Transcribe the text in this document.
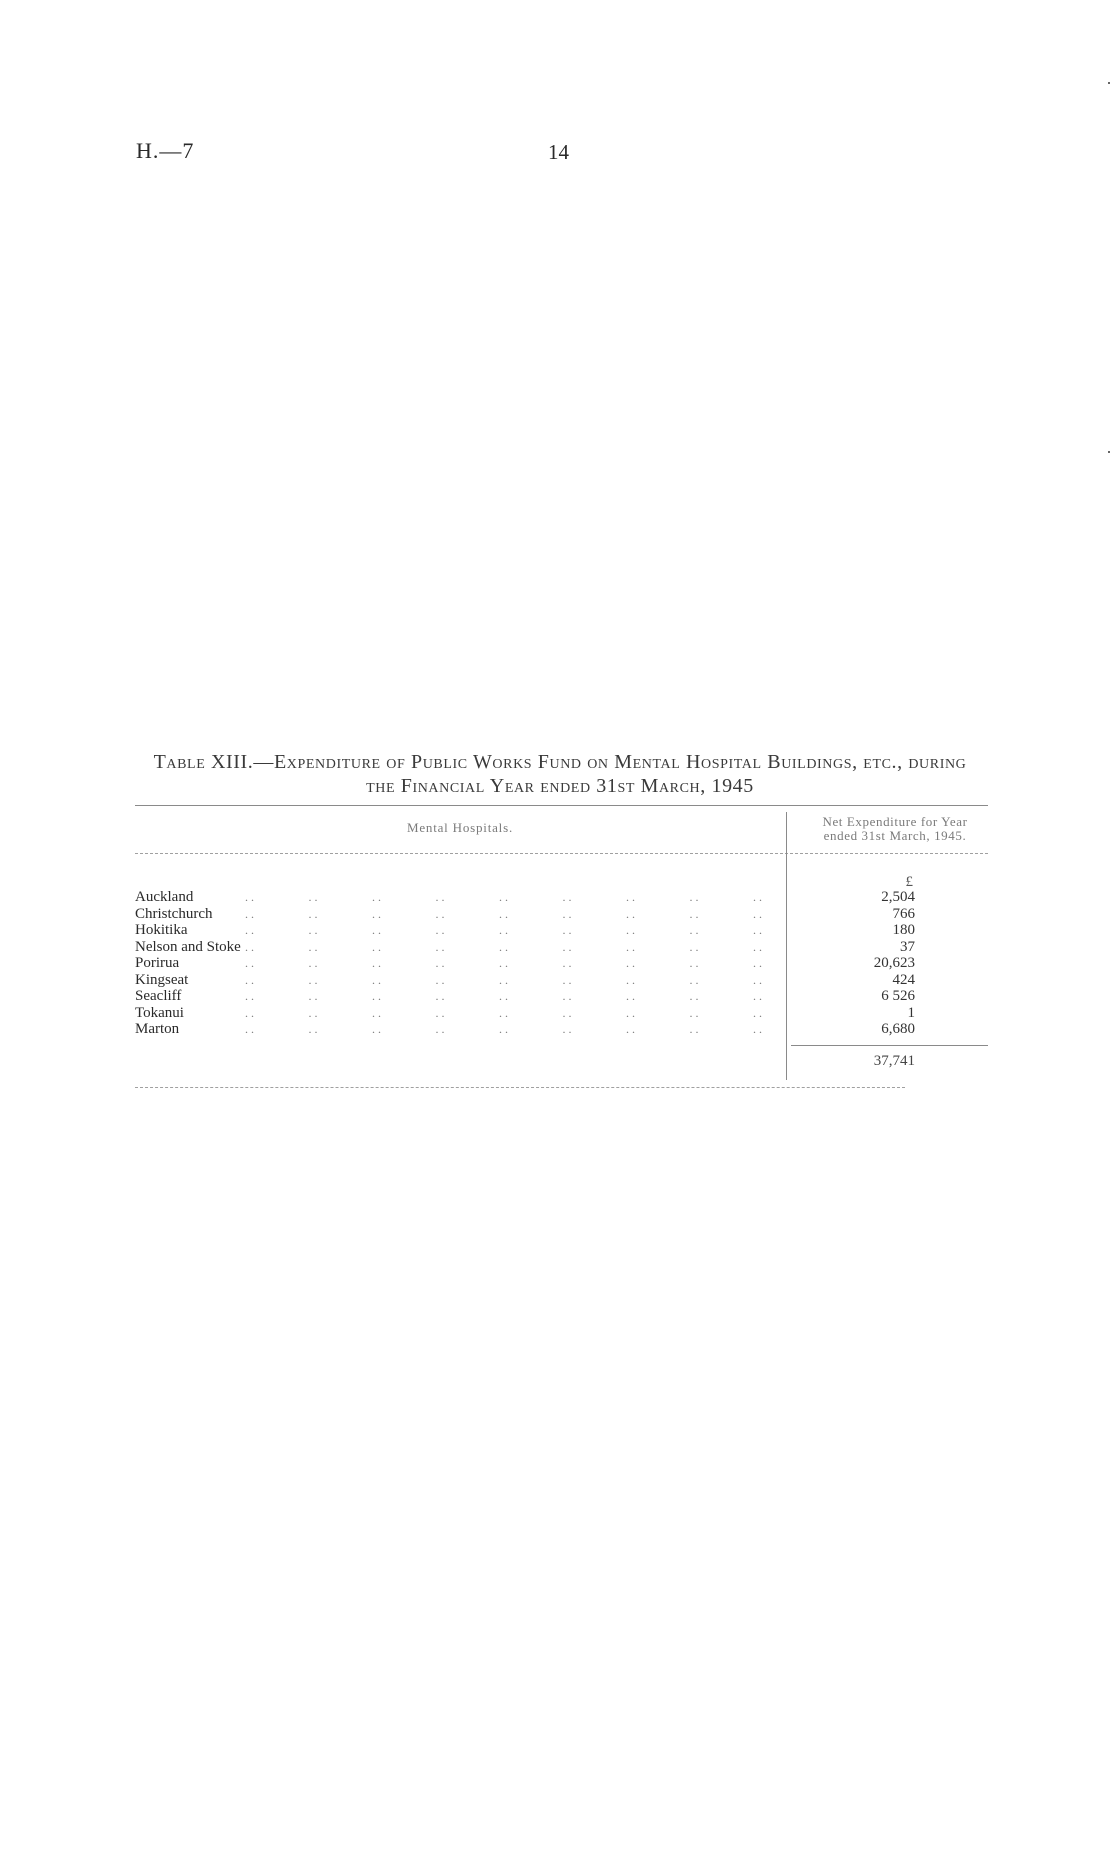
H.—7	14
Table XIII.—Expenditure of Public Works Fund on Mental Hospital Buildings, etc., during
the Financial Year ended 31st March, 1945
Mental Hospitals.	Net Expenditure for Year
ended 31st March, 1945.
£
. .	. .	. .	. .	. .	. .	. .	. .	. .
Auckland	2,504
. .	. .	. .	. .	. .	. .	. .	. .	. .
Christchurch	766
. .	. .	. .	. .	. .	. .	. .	. .	. .
Hokitika	180
. .	. .	. .	. .	. .	. .	. .	. .	. .
Nelson and Stoke	37
. .	. .	. .	. .	. .	. .	. .	. .	. .
Porirua	20,623
. .	. .	. .	. .	. .	. .	. .	. .	. .
Kingseat	424
. .	. .	. .	. .	. .	. .	. .	. .	. .
Seacliff	6 526
. .	. .	. .	. .	. .	. .	. .	. .	. .
Tokanui	1
. .	. .	. .	. .	. .	. .	. .	. .	. .
Marton	6,680
37,741
